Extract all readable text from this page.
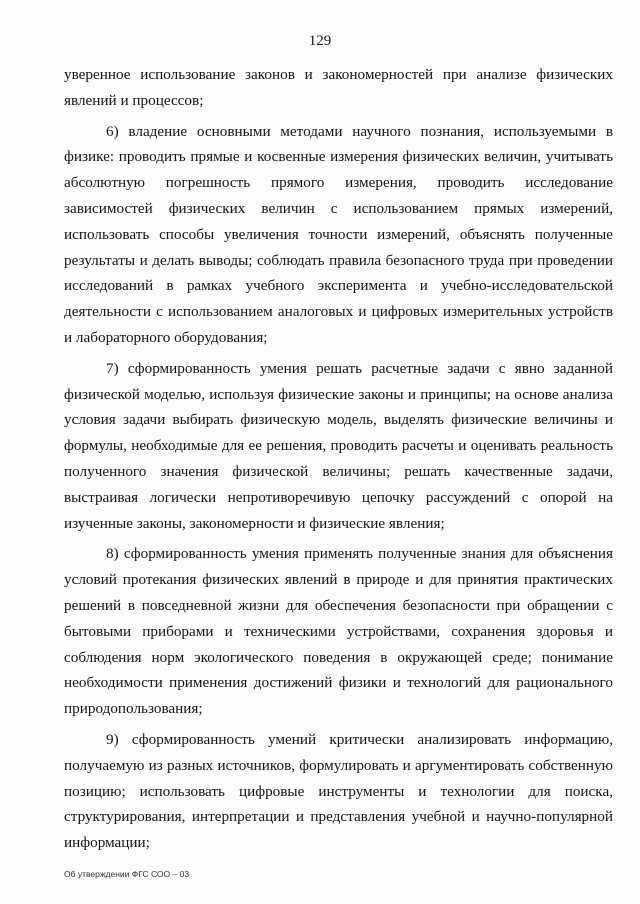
129

уверенное использование законов и закономерностей при анализе физических явлений и процессов;

6) владение основными методами научного познания, используемыми в физике: проводить прямые и косвенные измерения физических величин, учитывать абсолютную погрешность прямого измерения, проводить исследование зависимостей физических величин с использованием прямых измерений, использовать способы увеличения точности измерений, объяснять полученные результаты и делать выводы; соблюдать правила безопасного труда при проведении исследований в рамках учебного эксперимента и учебно-исследовательской деятельности с использованием аналоговых и цифровых измерительных устройств и лабораторного оборудования;

7) сформированность умения решать расчетные задачи с явно заданной физической моделью, используя физические законы и принципы; на основе анализа условия задачи выбирать физическую модель, выделять физические величины и формулы, необходимые для ее решения, проводить расчеты и оценивать реальность полученного значения физической величины; решать качественные задачи, выстраивая логически непротиворечивую цепочку рассуждений с опорой на изученные законы, закономерности и физические явления;

8) сформированность умения применять полученные знания для объяснения условий протекания физических явлений в природе и для принятия практических решений в повседневной жизни для обеспечения безопасности при обращении с бытовыми приборами и техническими устройствами, сохранения здоровья и соблюдения норм экологического поведения в окружающей среде; понимание необходимости применения достижений физики и технологий для рационального природопользования;

9) сформированность умений критически анализировать информацию, получаемую из разных источников, формулировать и аргументировать собственную позицию; использовать цифровые инструменты и технологии для поиска, структурирования, интерпретации и представления учебной и научно-популярной информации;

Об утверждении ФГС СОО – 03
